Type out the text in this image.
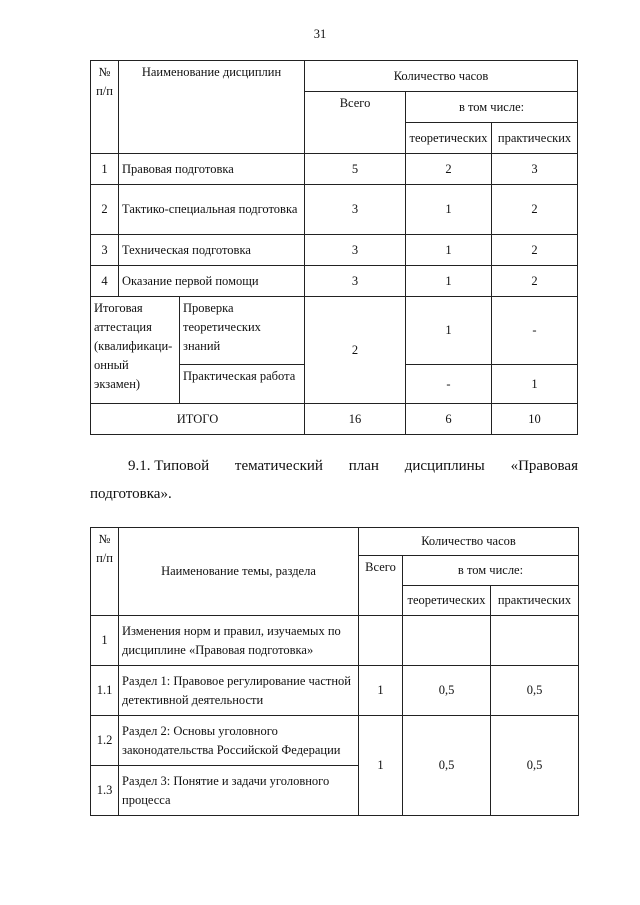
31
№ п/п	Наименование дисциплин		Количество часов		
			Всего	в том числе:	
				теоретических	практических
1	Правовая подготовка		5	2	3
2	Тактико-специальная подготовка		3	1	2
3	Техническая подготовка		3	1	2
4	Оказание первой помощи		3	1	2
Итоговая аттестация (квалификаци-онный экзамен)		Проверка теоретических знаний	2	1	-
		Практическая работа		-	1
ИТОГО			16	6	10
9.1. Типовой тематический план дисциплины «Правовая
подготовка».
№ п/п	Наименование темы, раздела	Количество часов		
		Всего	в том числе:	
			теоретических	практических
1	Изменения норм и правил, изучаемых по дисциплине «Правовая подготовка»			
1.1	Раздел 1: Правовое регулирование частной детективной деятельности	1	0,5	0,5
1.2	Раздел 2: Основы уголовного законодательства Российской Федерации	1	0,5	0,5
1.3	Раздел 3: Понятие и задачи уголовного процесса			
